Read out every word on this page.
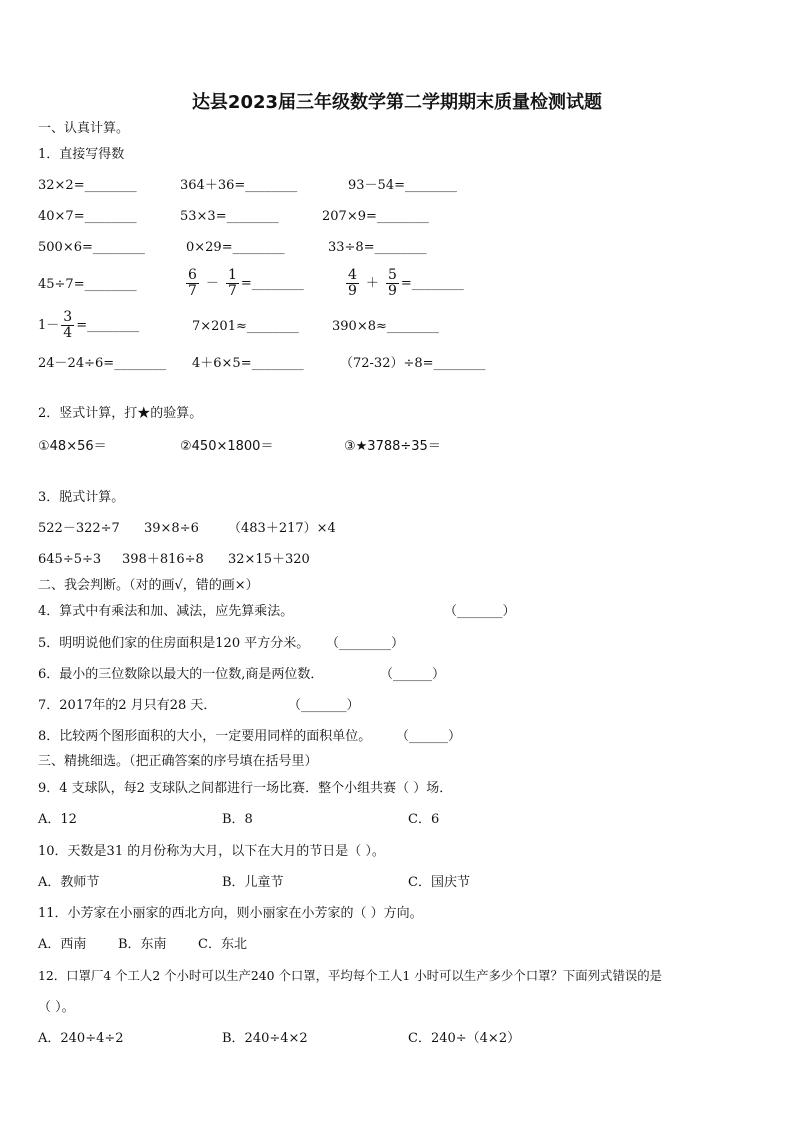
达县2023届三年级数学第二学期期末质量检测试题
一、认真计算。
1．直接写得数
32×2=________	364＋36=________	93－54=________
40×7=________	53×3=________	207×9=________
500×6=________	0×29=________	33÷8=________
45÷7=________	$\frac{6}{7} - \frac{1}{7}$ =________	$\frac{4}{9} + \frac{5}{9}$ =________
$1- \frac{3}{4}$ =________	7×201≈________	390×8≈________
24－24÷6=________ 4＋6×5=________	（72-32）÷8=________
2．竖式计算，打★的验算。
①48×56＝	②450×1800＝	③★3788÷35＝
3．脱式计算。
522－322÷7 39×8÷6 （483＋217）×4
645÷5÷3 398＋816÷8 32×15＋320
二、我会判断。（对的画√，错的画×）
4．算式中有乘法和加、减法，应先算乘法。	（_______）
5．明明说他们家的住房面积是120 平方分米。 （________）
6．最小的三位数除以最大的一位数,商是两位数．	（______）
7．2017年的2 月只有28 天．	（_______）
8．比较两个图形面积的大小，一定要用同样的面积单位。 （______）
三、精挑细选。（把正确答案的序号填在括号里）
9．4 支球队，每2 支球队之间都进行一场比赛．整个小组共赛（ ）场．
A．12	B．8	C．6
10．天数是31 的月份称为大月，以下在大月的节日是（ ）。
A．教师节	B．儿童节	C．国庆节
11．小芳家在小丽家的西北方向，则小丽家在小芳家的（ ）方向。
A．西南 B．东南 C．东北
12．口罩厂4 个工人2 个小时可以生产240 个口罩，平均每个工人1 小时可以生产多少个口罩？下面列式错误的是
（ ）。
A．240÷4÷2	B．240÷4×2	C．240÷（4×2）
